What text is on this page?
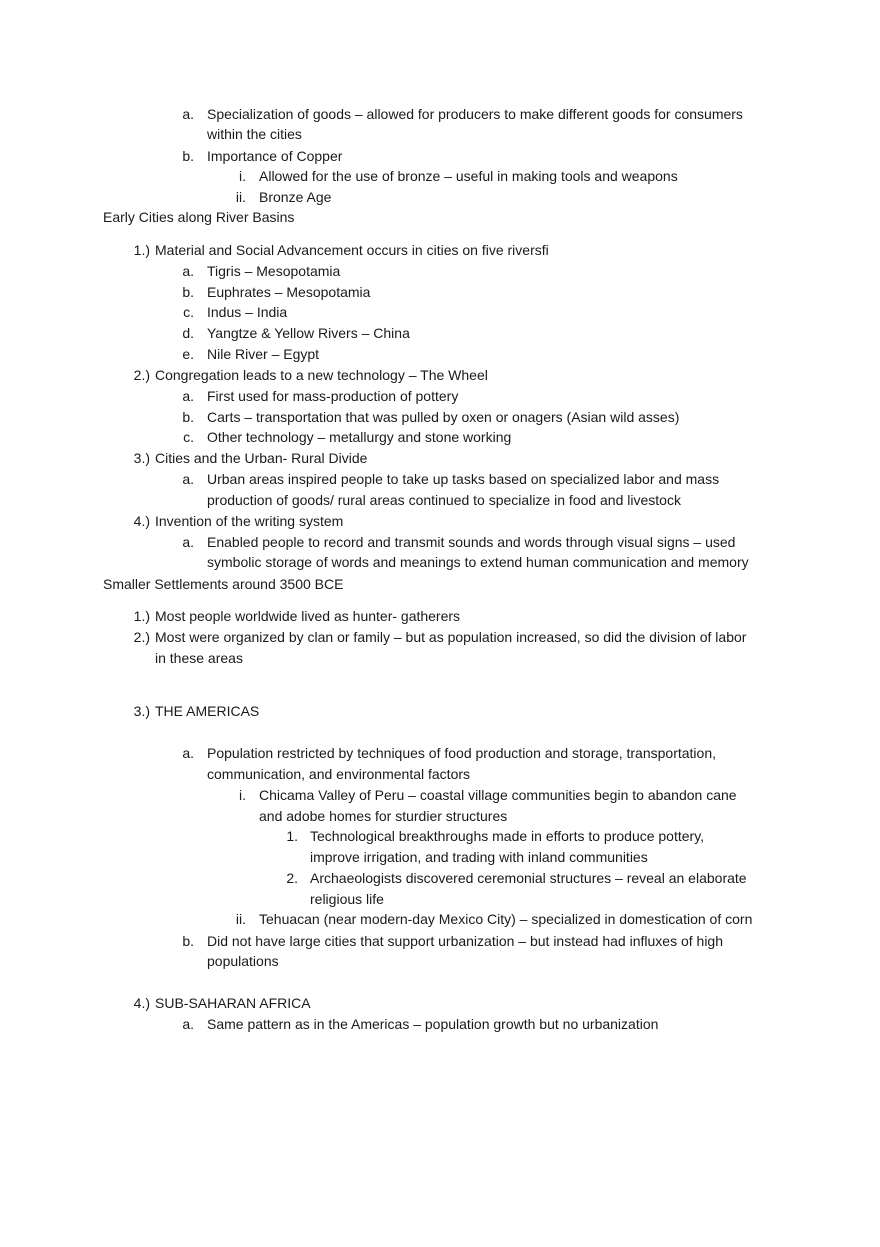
a. Specialization of goods – allowed for producers to make different goods for consumers
within the cities
b. Importance of Copper
i. Allowed for the use of bronze – useful in making tools and weapons
ii. Bronze Age
Early Cities along River Basins
1.) Material and Social Advancement occurs in cities on five riversfi
a. Tigris – Mesopotamia
b. Euphrates – Mesopotamia
c. Indus – India
d. Yangtze & Yellow Rivers – China
e. Nile River – Egypt
2.) Congregation leads to a new technology – The Wheel
a. First used for mass-production of pottery
b. Carts – transportation that was pulled by oxen or onagers (Asian wild asses)
c. Other technology – metallurgy and stone working
3.) Cities and the Urban- Rural Divide
a. Urban areas inspired people to take up tasks based on specialized labor and mass
production of goods/ rural areas continued to specialize in food and livestock
4.) Invention of the writing system
a. Enabled people to record and transmit sounds and words through visual signs – used
symbolic storage of words and meanings to extend human communication and memory
Smaller Settlements around 3500 BCE
1.) Most people worldwide lived as hunter- gatherers
2.) Most were organized by clan or family – but as population increased, so did the division of labor
in these areas
3.) THE AMERICAS
a. Population restricted by techniques of food production and storage, transportation,
communication, and environmental factors
i. Chicama Valley of Peru – coastal village communities begin to abandon cane
and adobe homes for sturdier structures
1. Technological breakthroughs made in efforts to produce pottery,
improve irrigation, and trading with inland communities
2. Archaeologists discovered ceremonial structures – reveal an elaborate
religious life
ii. Tehuacan (near modern-day Mexico City) – specialized in domestication of corn
b. Did not have large cities that support urbanization – but instead had influxes of high
populations
4.) SUB-SAHARAN AFRICA
a. Same pattern as in the Americas – population growth but no urbanization
